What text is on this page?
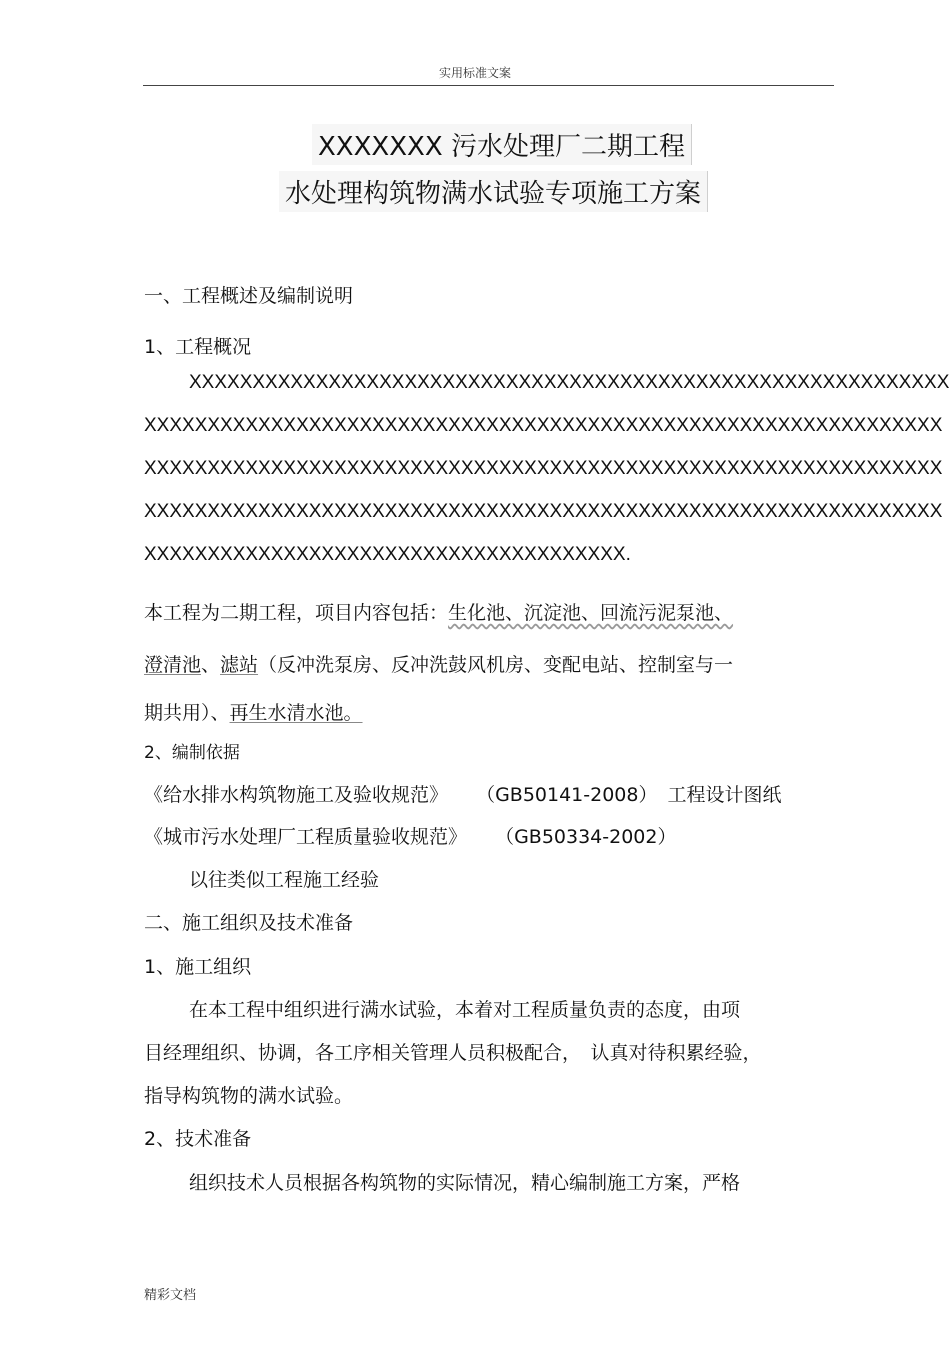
实用标准文案
XXXXXXX 污水处理厂二期工程
水处理构筑物满水试验专项施工方案
一、工程概述及编制说明
1、工程概况
XXXXXXXXXXXXXXXXXXXXXXXXXXXXXXXXXXXXXXXXXXXXXXXXXXXXXXXXXXXX
XXXXXXXXXXXXXXXXXXXXXXXXXXXXXXXXXXXXXXXXXXXXXXXXXXXXXXXXXXXXXXX
XXXXXXXXXXXXXXXXXXXXXXXXXXXXXXXXXXXXXXXXXXXXXXXXXXXXXXXXXXXXXXX
XXXXXXXXXXXXXXXXXXXXXXXXXXXXXXXXXXXXXXXXXXXXXXXXXXXXXXXXXXXXXXX
XXXXXXXXXXXXXXXXXXXXXXXXXXXXXXXXXXXXXX.
本工程为二期工程，项目内容包括：生化池、沉淀池、回流污泥泵池、
澄清池、滤站（反冲洗泵房、反冲洗鼓风机房、变配电站、控制室与一
期共用）、再生水清水池。
2、编制依据
《给水排水构筑物施工及验收规范》 （GB50141-2008） 工程设计图纸
《城市污水处理厂工程质量验收规范》 （GB50334-2002）
以往类似工程施工经验
二、施工组织及技术准备
1、施工组织
在本工程中组织进行满水试验，本着对工程质量负责的态度，由项
目经理组织、协调，各工序相关管理人员积极配合，　认真对待积累经验，
指导构筑物的满水试验。
2、技术准备
组织技术人员根据各构筑物的实际情况，精心编制施工方案，严格
精彩文档
